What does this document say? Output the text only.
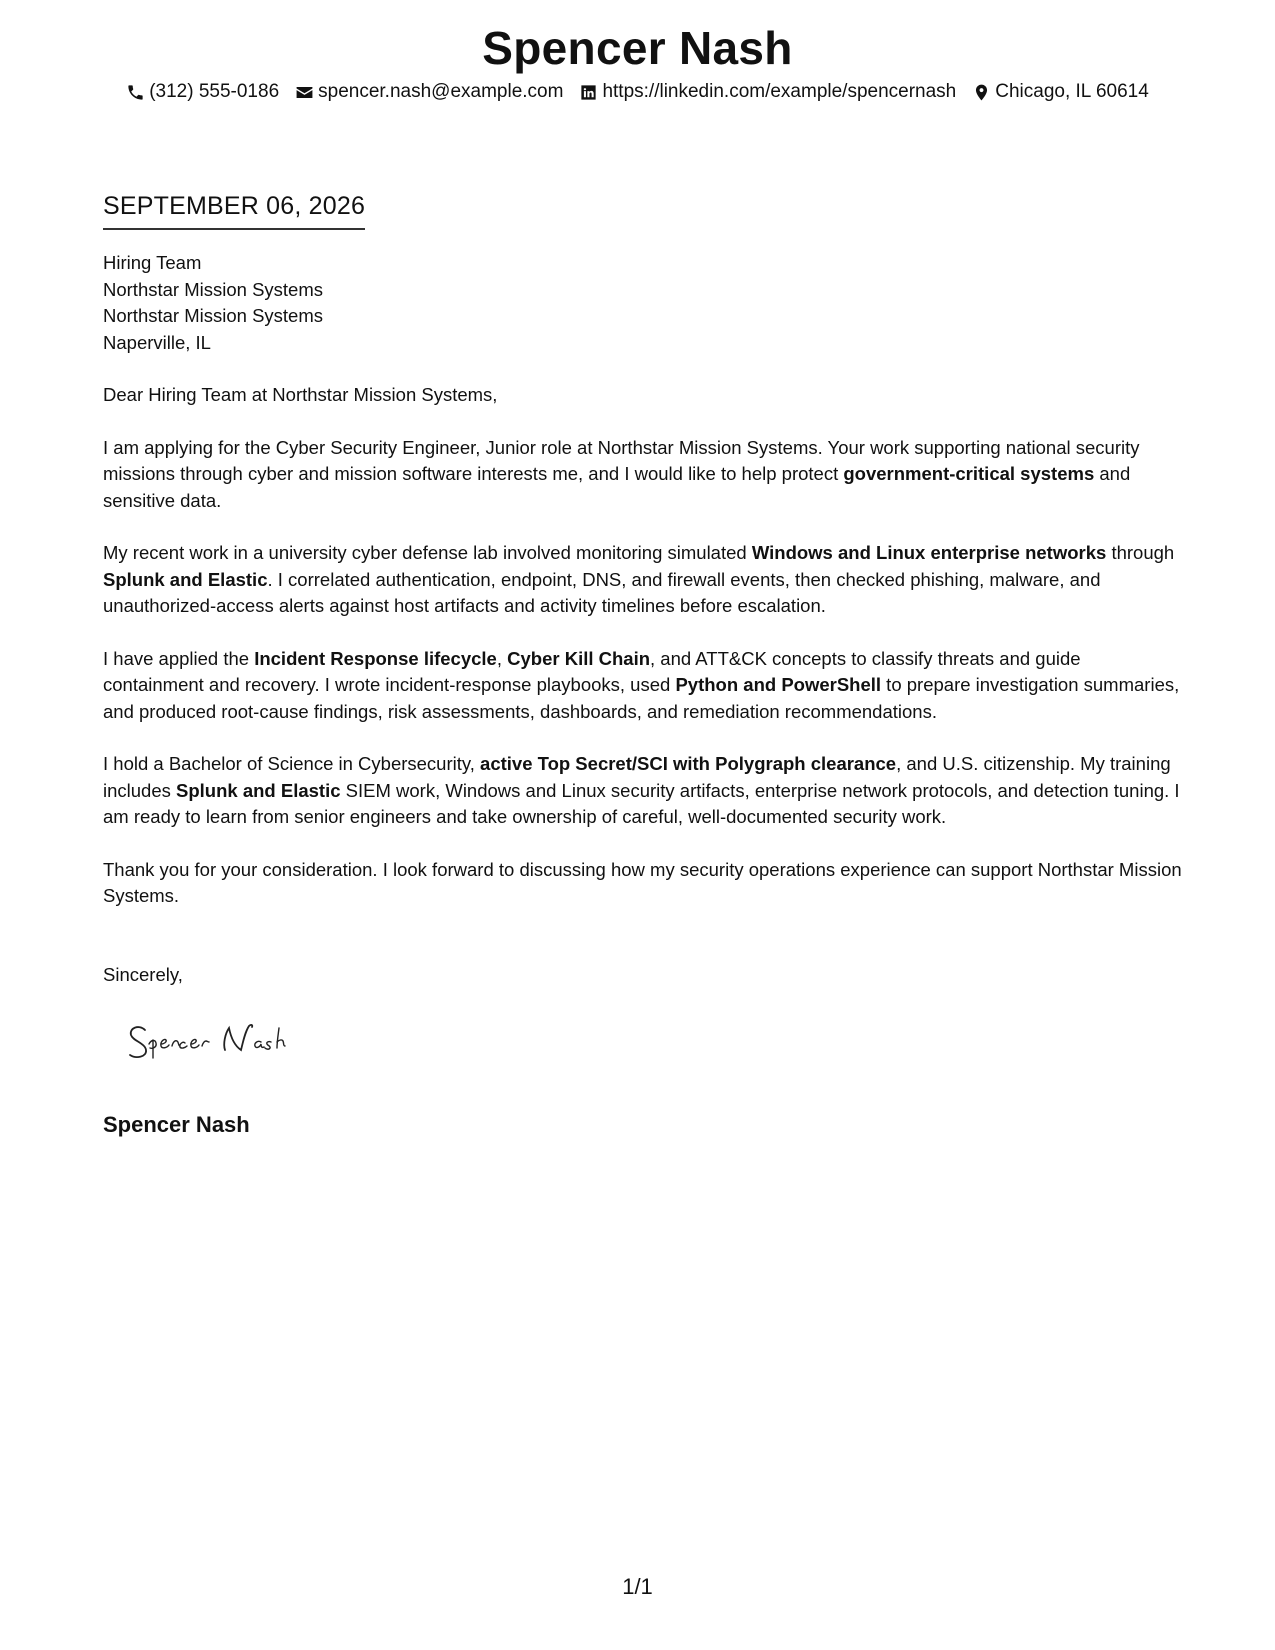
Spencer Nash
(312) 555-0186 spencer.nash@example.com https://linkedin.com/example/spencernash Chicago, IL 60614
SEPTEMBER 06, 2026

Hiring Team
Northstar Mission Systems
Northstar Mission Systems
Naperville, IL

Dear Hiring Team at Northstar Mission Systems,

I am applying for the Cyber Security Engineer, Junior role at Northstar Mission Systems. Your work supporting national security missions through cyber and mission software interests me, and I would like to help protect government-critical systems and sensitive data.

My recent work in a university cyber defense lab involved monitoring simulated Windows and Linux enterprise networks through Splunk and Elastic. I correlated authentication, endpoint, DNS, and firewall events, then checked phishing, malware, and unauthorized-access alerts against host artifacts and activity timelines before escalation.

I have applied the Incident Response lifecycle, Cyber Kill Chain, and ATT&CK concepts to classify threats and guide containment and recovery. I wrote incident-response playbooks, used Python and PowerShell to prepare investigation summaries, and produced root-cause findings, risk assessments, dashboards, and remediation recommendations.

I hold a Bachelor of Science in Cybersecurity, active Top Secret/SCI with Polygraph clearance, and U.S. citizenship. My training includes Splunk and Elastic SIEM work, Windows and Linux security artifacts, enterprise network protocols, and detection tuning. I am ready to learn from senior engineers and take ownership of careful, well-documented security work.

Thank you for your consideration. I look forward to discussing how my security operations experience can support Northstar Mission Systems.

Sincerely,

Spencer Nash
1/1
